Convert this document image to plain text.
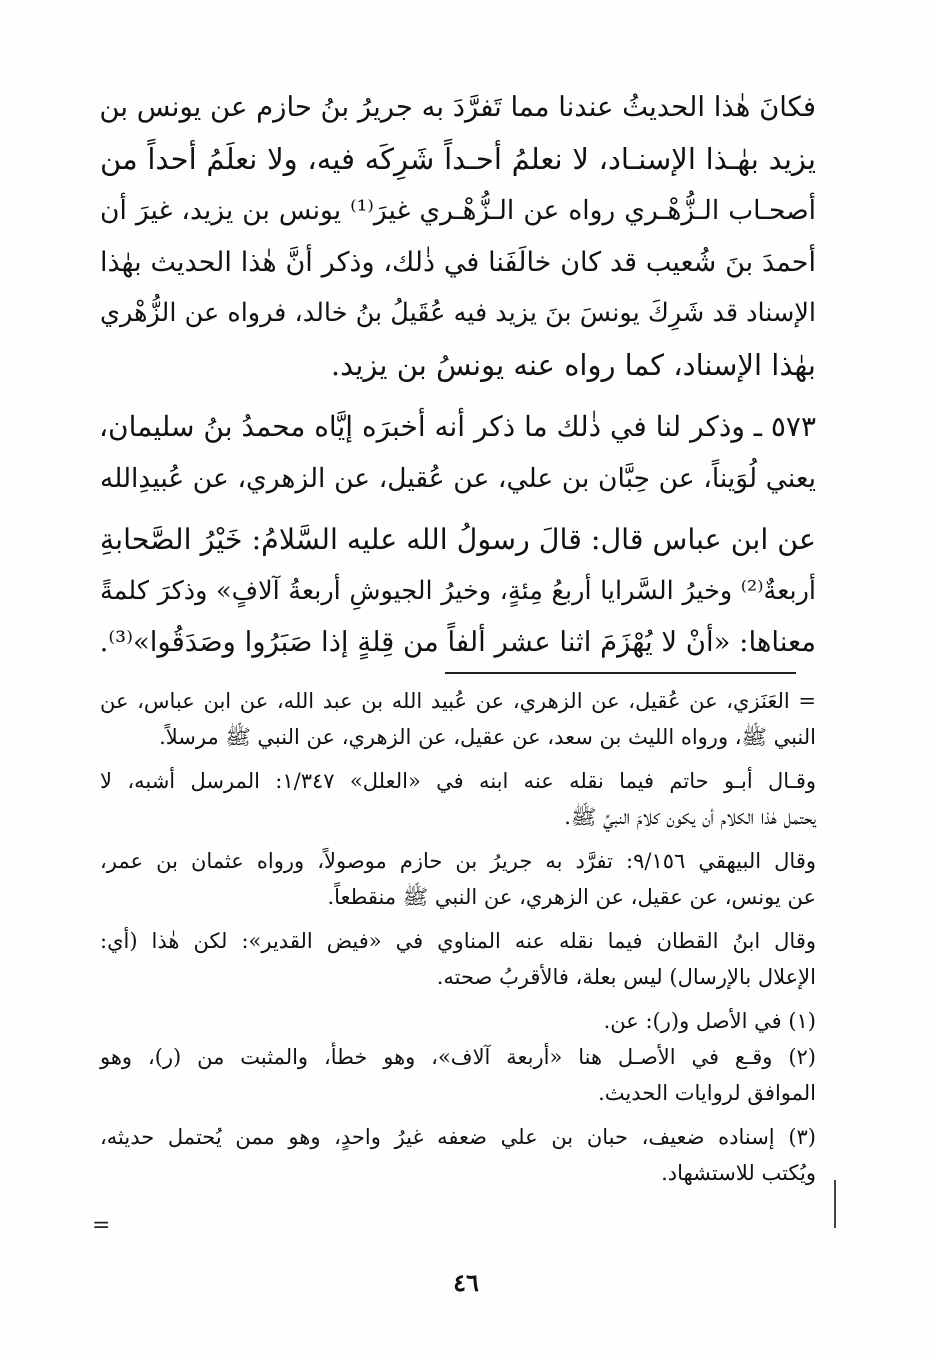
فكانَ هٰذا الحديثُ عندنا مما تَفرَّدَ به جريرُ بنُ حازم عن يونس بن
يزيد بهٰـذا الإسنـاد، لا نعلمُ أحـداً شَرِكَه فيه، ولا نعلَمُ أحداً من
أصحـاب الـزُّهْـري رواه عن الـزُّهْـري غيرَ⁽¹⁾ يونس بن يزيد، غيرَ أن
أحمدَ بنَ شُعيب قد كان خالَفَنا في ذٰلك، وذكر أنَّ هٰذا الحديث بهٰذا
الإسناد قد شَرِكَ يونسَ بنَ يزيد فيه عُقَيلُ بنُ خالد، فرواه عن الزُّهْري
بهٰذا الإسناد، كما رواه عنه يونسُ بن يزيد.
٥٧٣ ـ وذكر لنا في ذٰلك ما ذكر أنه أخبرَه إيَّاه محمدُ بنُ سليمان،
يعني لُوَيناً، عن حِبَّان بن علي، عن عُقيل، عن الزهري، عن عُبيدِالله
عن ابن عباس قال: قالَ رسولُ الله عليه السَّلامُ: خَيْرُ الصَّحابةِ
أربعةٌ⁽²⁾ وخيرُ السَّرايا أربعُ مِئةٍ، وخيرُ الجيوشِ أربعةُ آلافٍ» وذكرَ كلمةً
معناها: «أنْ لا يُهْزَمَ اثنا عشر ألفاً من قِلةٍ إذا صَبَرُوا وصَدَقُوا»⁽³⁾.
= العَنَزي، عن عُقيل، عن الزهري، عن عُبيد الله بن عبد الله، عن ابن عباس، عن
النبي ﷺ، ورواه الليث بن سعد، عن عقيل، عن الزهري، عن النبي ﷺ مرسلاً.
وقـال أبـو حاتم فيما نقله عنه ابنه في «العلل» ١/٣٤٧: المرسل أشبه، لا
يحتمل هٰذا الكلام أن يكون كلامَ النبيِّ ﷺ.
وقال البيهقي ٩/١٥٦: تفرَّد به جريرُ بن حازم موصولاً، ورواه عثمان بن عمر،
عن يونس، عن عقيل، عن الزهري، عن النبي ﷺ منقطعاً.
وقال ابنُ القطان فيما نقله عنه المناوي في «فيض القدير»: لكن هٰذا (أي:
الإعلال بالإرسال) ليس بعلة، فالأقربُ صحته.
(١) في الأصل و(ر): عن.
(٢) وقـع في الأصـل هنا «أربعة آلاف»، وهو خطأ، والمثبت من (ر)، وهو
الموافق لروايات الحديث.
(٣) إسناده ضعيف، حبان بن علي ضعفه غيرُ واحدٍ، وهو ممن يُحتمل حديثه،
ويُكتب للاستشهاد.
=
٤٦
